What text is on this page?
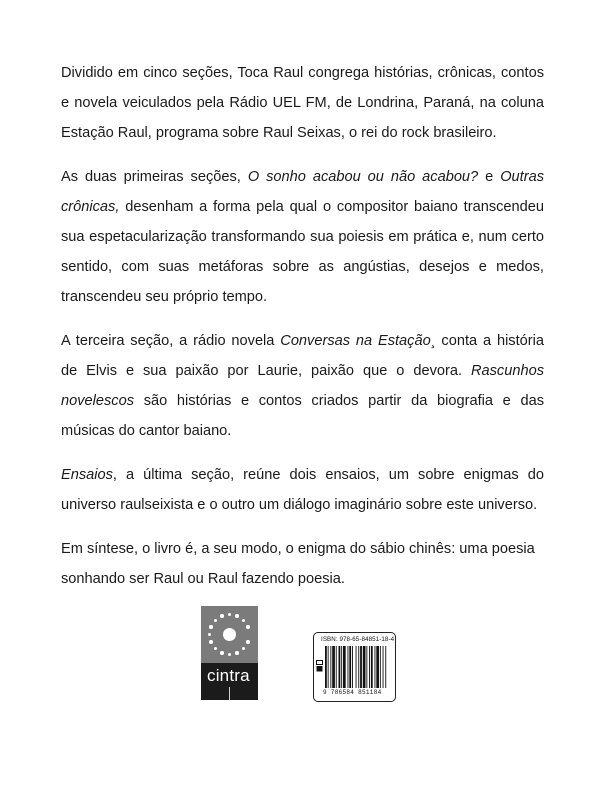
Dividido em cinco seções, Toca Raul congrega histórias, crônicas, contos e novela veiculados pela Rádio UEL FM, de Londrina, Paraná, na coluna Estação Raul, programa sobre Raul Seixas, o rei do rock brasileiro.

As duas primeiras seções, O sonho acabou ou não acabou? e Outras crônicas, desenham a forma pela qual o compositor baiano transcendeu sua espetacularização transformando sua poiesis em prática e, num certo sentido, com suas metáforas sobre as angústias, desejos e medos, transcendeu seu próprio tempo.

A terceira seção, a rádio novela Conversas na Estação¸ conta a história de Elvis e sua paixão por Laurie, paixão que o devora. Rascunhos novelescos são histórias e contos criados partir da biografia e das músicas do cantor baiano.

Ensaios, a última seção, reúne dois ensaios, um sobre enigmas do universo raulseixista e o outro um diálogo imaginário sobre este universo.

Em síntese, o livro é, a seu modo, o enigma do sábio chinês: uma poesia sonhando ser Raul ou Raul fazendo poesia.

cintra
ISBN: 978-65-84851-18-4
9 786584 851184
